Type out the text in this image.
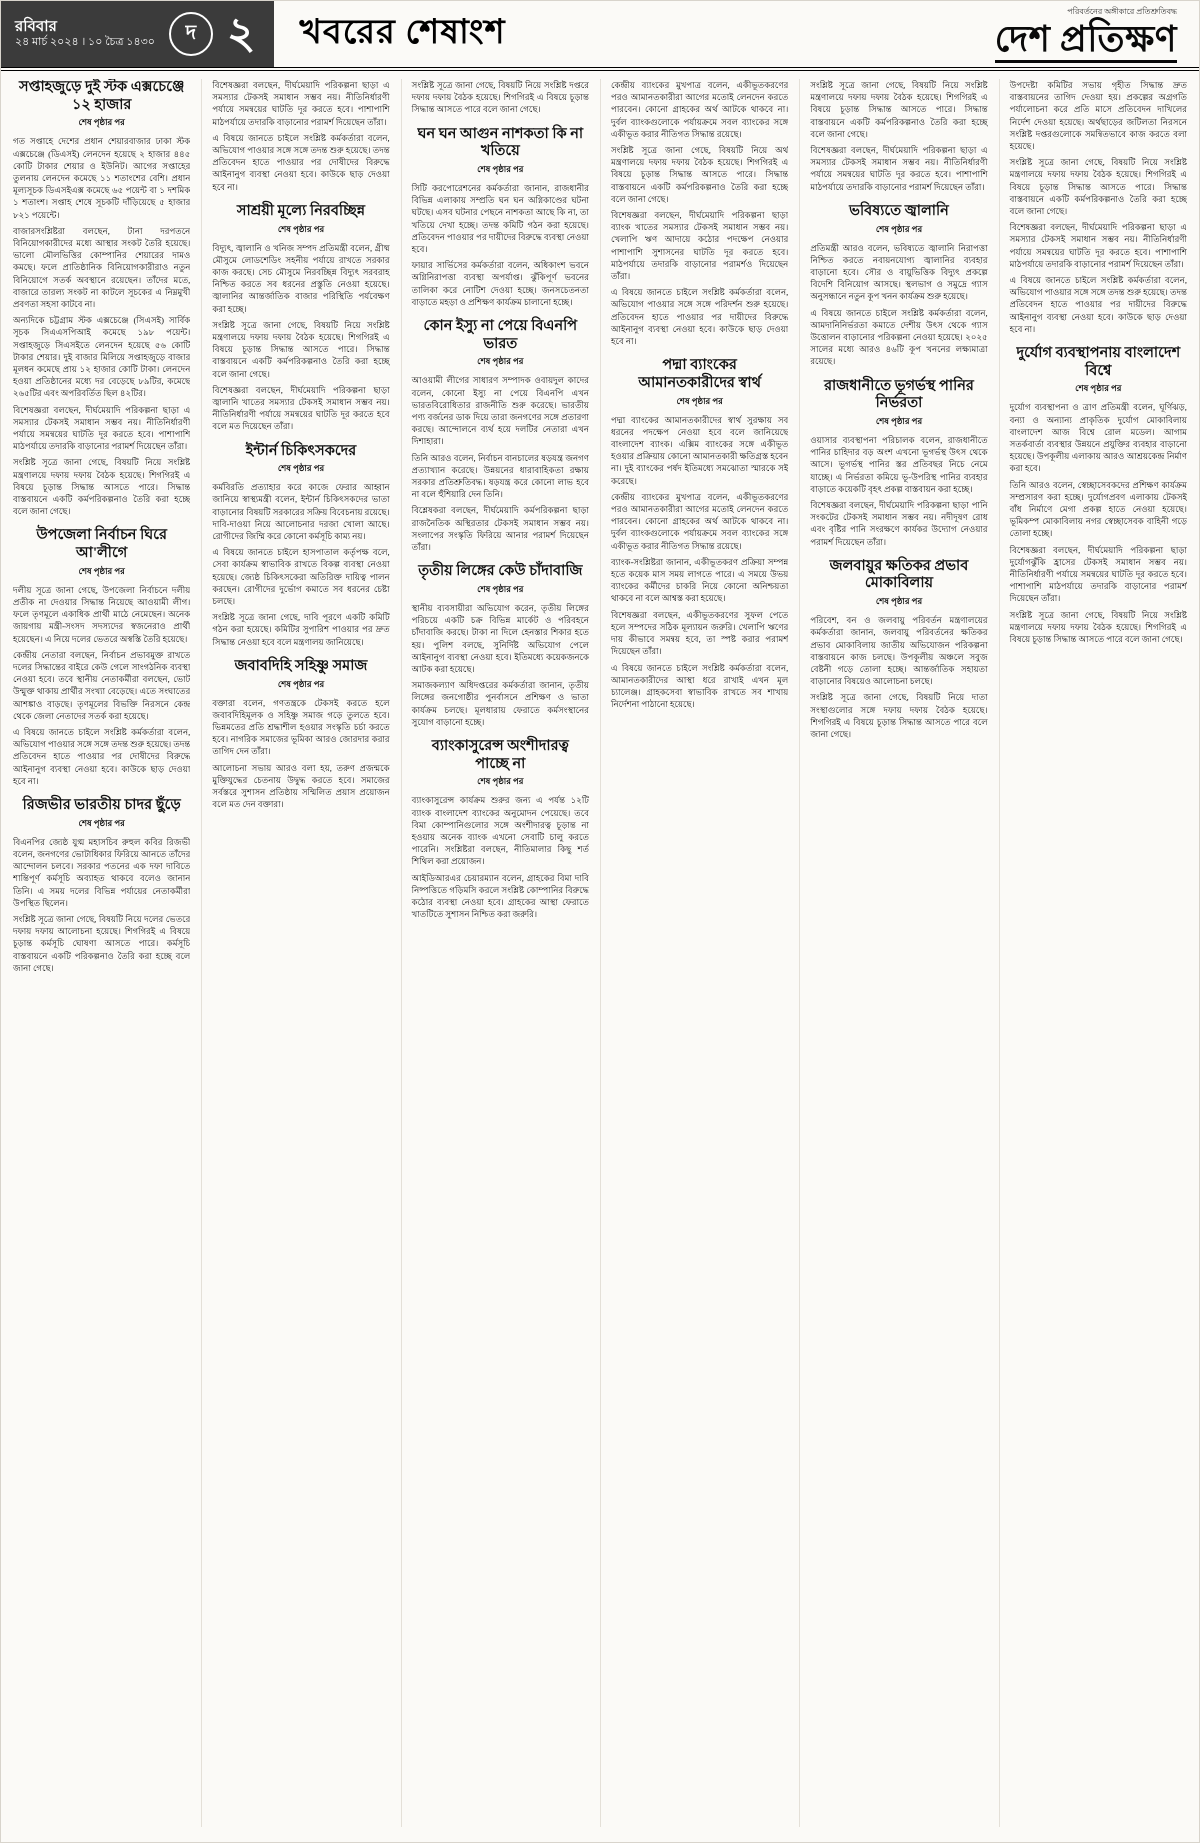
রবিবার
২৪ মার্চ ২০২৪ । ১০ চৈত্র ১৪৩০	দ ২	খবরের শেষাংশ
পরিবর্তনের অঙ্গীকারে প্রতিশ্রুতিবদ্ধ
দেশ প্রতিক্ষণ
সপ্তাহজুড়ে দুই স্টক এক্সচেঞ্জে ১২ হাজার
শেষ পৃষ্ঠার পর

গত সপ্তাহে দেশের প্রধান শেয়ারবাজার ঢাকা স্টক এক্সচেঞ্জে (ডিএসই) লেনদেন হয়েছে ২ হাজার ৪৪৫ কোটি টাকার শেয়ার ও ইউনিট। আগের সপ্তাহের তুলনায় লেনদেন কমেছে ১১ শতাংশের বেশি। প্রধান মূল্যসূচক ডিএসইএক্স কমেছে ৬৫ পয়েন্ট বা ১ দশমিক ১ শতাংশ। সপ্তাহ শেষে সূচকটি দাঁড়িয়েছে ৫ হাজার ৮২১ পয়েন্টে।

বাজারসংশ্লিষ্টরা বলছেন, টানা দরপতনে বিনিয়োগকারীদের মধ্যে আস্থার সংকট তৈরি হয়েছে। ভালো মৌলভিত্তির কোম্পানির শেয়ারের দামও কমছে। ফলে প্রাতিষ্ঠানিক বিনিয়োগকারীরাও নতুন বিনিয়োগে সতর্ক অবস্থানে রয়েছেন। তাঁদের মতে, বাজারে তারল্য সংকট না কাটলে সূচকের এ নিম্নমুখী প্রবণতা সহসা কাটবে না।

অন্যদিকে চট্টগ্রাম স্টক এক্সচেঞ্জে (সিএসই) সার্বিক সূচক সিএএসপিআই কমেছে ১৯৮ পয়েন্ট। সপ্তাহজুড়ে সিএসইতে লেনদেন হয়েছে ৫৬ কোটি টাকার শেয়ার। দুই বাজার মিলিয়ে সপ্তাহজুড়ে বাজার মূলধন কমেছে প্রায় ১২ হাজার কোটি টাকা। লেনদেন হওয়া প্রতিষ্ঠানের মধ্যে দর বেড়েছে ৮৯টির, কমেছে ২৬৫টির এবং অপরিবর্তিত ছিল ৪২টির।

বিশেষজ্ঞরা বলছেন, দীর্ঘমেয়াদি পরিকল্পনা ছাড়া এ সমস্যার টেকসই সমাধান সম্ভব নয়। নীতিনির্ধারণী পর্যায়ে সমন্বয়ের ঘাটতি দূর করতে হবে। পাশাপাশি মাঠপর্যায়ে তদারকি বাড়ানোর পরামর্শ দিয়েছেন তাঁরা।

সংশ্লিষ্ট সূত্রে জানা গেছে, বিষয়টি নিয়ে সংশ্লিষ্ট মন্ত্রণালয়ে দফায় দফায় বৈঠক হয়েছে। শিগগিরই এ বিষয়ে চূড়ান্ত সিদ্ধান্ত আসতে পারে। সিদ্ধান্ত বাস্তবায়নে একটি কর্মপরিকল্পনাও তৈরি করা হচ্ছে বলে জানা গেছে।

উপজেলা নির্বাচন ঘিরে আ'লীগে
শেষ পৃষ্ঠার পর

দলীয় সূত্রে জানা গেছে, উপজেলা নির্বাচনে দলীয় প্রতীক না দেওয়ার সিদ্ধান্ত নিয়েছে আওয়ামী লীগ। ফলে তৃণমূলে একাধিক প্রার্থী মাঠে নেমেছেন। অনেক জায়গায় মন্ত্রী-সংসদ সদস্যদের স্বজনেরাও প্রার্থী হয়েছেন। এ নিয়ে দলের ভেতরে অস্বস্তি তৈরি হয়েছে।

কেন্দ্রীয় নেতারা বলছেন, নির্বাচন প্রভাবমুক্ত রাখতে দলের সিদ্ধান্তের বাইরে কেউ গেলে সাংগঠনিক ব্যবস্থা নেওয়া হবে। তবে স্থানীয় নেতাকর্মীরা বলছেন, ভোট উন্মুক্ত থাকায় প্রার্থীর সংখ্যা বেড়েছে। এতে সংঘাতের আশঙ্কাও বাড়ছে। তৃণমূলের বিভক্তি নিরসনে কেন্দ্র থেকে জেলা নেতাদের সতর্ক করা হয়েছে।

এ বিষয়ে জানতে চাইলে সংশ্লিষ্ট কর্মকর্তারা বলেন, অভিযোগ পাওয়ার সঙ্গে সঙ্গে তদন্ত শুরু হয়েছে। তদন্ত প্রতিবেদন হাতে পাওয়ার পর দোষীদের বিরুদ্ধে আইনানুগ ব্যবস্থা নেওয়া হবে। কাউকে ছাড় দেওয়া হবে না।

রিজভীর ভারতীয় চাদর ছুঁড়ে
শেষ পৃষ্ঠার পর

বিএনপির জ্যেষ্ঠ যুগ্ম মহাসচিব রুহুল কবির রিজভী বলেন, জনগণের ভোটাধিকার ফিরিয়ে আনতে তাঁদের আন্দোলন চলবে। সরকার পতনের এক দফা দাবিতে শান্তিপূর্ণ কর্মসূচি অব্যাহত থাকবে বলেও জানান তিনি। এ সময় দলের বিভিন্ন পর্যায়ের নেতাকর্মীরা উপস্থিত ছিলেন।

সংশ্লিষ্ট সূত্রে জানা গেছে, বিষয়টি নিয়ে দলের ভেতরে দফায় দফায় আলোচনা হয়েছে। শিগগিরই এ বিষয়ে চূড়ান্ত কর্মসূচি ঘোষণা আসতে পারে। কর্মসূচি বাস্তবায়নে একটি পরিকল্পনাও তৈরি করা হচ্ছে বলে জানা গেছে।

বিশেষজ্ঞরা বলছেন, দীর্ঘমেয়াদি পরিকল্পনা ছাড়া এ সমস্যার টেকসই সমাধান সম্ভব নয়। নীতিনির্ধারণী পর্যায়ে সমন্বয়ের ঘাটতি দূর করতে হবে। পাশাপাশি মাঠপর্যায়ে তদারকি বাড়ানোর পরামর্শ দিয়েছেন তাঁরা।

এ বিষয়ে জানতে চাইলে সংশ্লিষ্ট কর্মকর্তারা বলেন, অভিযোগ পাওয়ার সঙ্গে সঙ্গে তদন্ত শুরু হয়েছে। তদন্ত প্রতিবেদন হাতে পাওয়ার পর দোষীদের বিরুদ্ধে আইনানুগ ব্যবস্থা নেওয়া হবে। কাউকে ছাড় দেওয়া হবে না।

সাশ্রয়ী মূল্যে নিরবচ্ছিন্ন
শেষ পৃষ্ঠার পর

বিদ্যুৎ, জ্বালানি ও খনিজ সম্পদ প্রতিমন্ত্রী বলেন, গ্রীষ্ম মৌসুমে লোডশেডিং সহনীয় পর্যায়ে রাখতে সরকার কাজ করছে। সেচ মৌসুমে নিরবচ্ছিন্ন বিদ্যুৎ সরবরাহ নিশ্চিত করতে সব ধরনের প্রস্তুতি নেওয়া হয়েছে। জ্বালানির আন্তর্জাতিক বাজার পরিস্থিতি পর্যবেক্ষণ করা হচ্ছে।

সংশ্লিষ্ট সূত্রে জানা গেছে, বিষয়টি নিয়ে সংশ্লিষ্ট মন্ত্রণালয়ে দফায় দফায় বৈঠক হয়েছে। শিগগিরই এ বিষয়ে চূড়ান্ত সিদ্ধান্ত আসতে পারে। সিদ্ধান্ত বাস্তবায়নে একটি কর্মপরিকল্পনাও তৈরি করা হচ্ছে বলে জানা গেছে।

বিশেষজ্ঞরা বলছেন, দীর্ঘমেয়াদি পরিকল্পনা ছাড়া জ্বালানি খাতের সমস্যার টেকসই সমাধান সম্ভব নয়। নীতিনির্ধারণী পর্যায়ে সমন্বয়ের ঘাটতি দূর করতে হবে বলে মত দিয়েছেন তাঁরা।

ইন্টার্ন চিকিৎসকদের
শেষ পৃষ্ঠার পর

কর্মবিরতি প্রত্যাহার করে কাজে ফেরার আহ্বান জানিয়ে স্বাস্থ্যমন্ত্রী বলেন, ইন্টার্ন চিকিৎসকদের ভাতা বাড়ানোর বিষয়টি সরকারের সক্রিয় বিবেচনায় রয়েছে। দাবি-দাওয়া নিয়ে আলোচনার দরজা খোলা আছে। রোগীদের জিম্মি করে কোনো কর্মসূচি কাম্য নয়।

এ বিষয়ে জানতে চাইলে হাসপাতাল কর্তৃপক্ষ বলে, সেবা কার্যক্রম স্বাভাবিক রাখতে বিকল্প ব্যবস্থা নেওয়া হয়েছে। জ্যেষ্ঠ চিকিৎসকেরা অতিরিক্ত দায়িত্ব পালন করছেন। রোগীদের দুর্ভোগ কমাতে সব ধরনের চেষ্টা চলছে।

সংশ্লিষ্ট সূত্রে জানা গেছে, দাবি পূরণে একটি কমিটি গঠন করা হয়েছে। কমিটির সুপারিশ পাওয়ার পর দ্রুত সিদ্ধান্ত নেওয়া হবে বলে মন্ত্রণালয় জানিয়েছে।

জবাবদিহি সহিষ্ণু সমাজ
শেষ পৃষ্ঠার পর

বক্তারা বলেন, গণতন্ত্রকে টেকসই করতে হলে জবাবদিহিমূলক ও সহিষ্ণু সমাজ গড়ে তুলতে হবে। ভিন্নমতের প্রতি শ্রদ্ধাশীল হওয়ার সংস্কৃতি চর্চা করতে হবে। নাগরিক সমাজের ভূমিকা আরও জোরদার করার তাগিদ দেন তাঁরা।

আলোচনা সভায় আরও বলা হয়, তরুণ প্রজন্মকে মুক্তিযুদ্ধের চেতনায় উদ্বুদ্ধ করতে হবে। সমাজের সর্বস্তরে সুশাসন প্রতিষ্ঠায় সম্মিলিত প্রয়াস প্রয়োজন বলে মত দেন বক্তারা।

সংশ্লিষ্ট সূত্রে জানা গেছে, বিষয়টি নিয়ে সংশ্লিষ্ট দপ্তরে দফায় দফায় বৈঠক হয়েছে। শিগগিরই এ বিষয়ে চূড়ান্ত সিদ্ধান্ত আসতে পারে বলে জানা গেছে।

ঘন ঘন আগুন নাশকতা কি না খতিয়ে
শেষ পৃষ্ঠার পর

সিটি করপোরেশনের কর্মকর্তারা জানান, রাজধানীর বিভিন্ন এলাকায় সম্প্রতি ঘন ঘন অগ্নিকাণ্ডের ঘটনা ঘটছে। এসব ঘটনার পেছনে নাশকতা আছে কি না, তা খতিয়ে দেখা হচ্ছে। তদন্ত কমিটি গঠন করা হয়েছে। প্রতিবেদন পাওয়ার পর দায়ীদের বিরুদ্ধে ব্যবস্থা নেওয়া হবে।

ফায়ার সার্ভিসের কর্মকর্তারা বলেন, অধিকাংশ ভবনে অগ্নিনিরাপত্তা ব্যবস্থা অপর্যাপ্ত। ঝুঁকিপূর্ণ ভবনের তালিকা করে নোটিশ দেওয়া হচ্ছে। জনসচেতনতা বাড়াতে মহড়া ও প্রশিক্ষণ কার্যক্রম চালানো হচ্ছে।

কোন ইস্যু না পেয়ে বিএনপি ভারত
শেষ পৃষ্ঠার পর

আওয়ামী লীগের সাধারণ সম্পাদক ওবায়দুল কাদের বলেন, কোনো ইস্যু না পেয়ে বিএনপি এখন ভারতবিরোধিতার রাজনীতি শুরু করেছে। ভারতীয় পণ্য বর্জনের ডাক দিয়ে তারা জনগণের সঙ্গে প্রতারণা করছে। আন্দোলনে ব্যর্থ হয়ে দলটির নেতারা এখন দিশাহারা।

তিনি আরও বলেন, নির্বাচন বানচালের ষড়যন্ত্র জনগণ প্রত্যাখ্যান করেছে। উন্নয়নের ধারাবাহিকতা রক্ষায় সরকার প্রতিশ্রুতিবদ্ধ। ষড়যন্ত্র করে কোনো লাভ হবে না বলে হুঁশিয়ারি দেন তিনি।

বিশ্লেষকরা বলছেন, দীর্ঘমেয়াদি কর্মপরিকল্পনা ছাড়া রাজনৈতিক অস্থিরতার টেকসই সমাধান সম্ভব নয়। সংলাপের সংস্কৃতি ফিরিয়ে আনার পরামর্শ দিয়েছেন তাঁরা।

তৃতীয় লিঙ্গের কেউ চাঁদাবাজি
শেষ পৃষ্ঠার পর

স্থানীয় ব্যবসায়ীরা অভিযোগ করেন, তৃতীয় লিঙ্গের পরিচয়ে একটি চক্র বিভিন্ন মার্কেট ও পরিবহনে চাঁদাবাজি করছে। টাকা না দিলে হেনস্তার শিকার হতে হয়। পুলিশ বলছে, সুনির্দিষ্ট অভিযোগ পেলে আইনানুগ ব্যবস্থা নেওয়া হবে। ইতিমধ্যে কয়েকজনকে আটক করা হয়েছে।

সমাজকল্যাণ অধিদপ্তরের কর্মকর্তারা জানান, তৃতীয় লিঙ্গের জনগোষ্ঠীর পুনর্বাসনে প্রশিক্ষণ ও ভাতা কার্যক্রম চলছে। মূলধারায় ফেরাতে কর্মসংস্থানের সুযোগ বাড়ানো হচ্ছে।

ব্যাংকাসুরেন্স অংশীদারত্ব পাচ্ছে না
শেষ পৃষ্ঠার পর

ব্যাংকাসুরেন্স কার্যক্রম শুরুর জন্য এ পর্যন্ত ১২টি ব্যাংক বাংলাদেশ ব্যাংকের অনুমোদন পেয়েছে। তবে বিমা কোম্পানিগুলোর সঙ্গে অংশীদারত্ব চূড়ান্ত না হওয়ায় অনেক ব্যাংক এখনো সেবাটি চালু করতে পারেনি। সংশ্লিষ্টরা বলছেন, নীতিমালার কিছু শর্ত শিথিল করা প্রয়োজন।

আইডিআরএর চেয়ারম্যান বলেন, গ্রাহকের বিমা দাবি নিষ্পত্তিতে গড়িমসি করলে সংশ্লিষ্ট কোম্পানির বিরুদ্ধে কঠোর ব্যবস্থা নেওয়া হবে। গ্রাহকের আস্থা ফেরাতে খাতটিতে সুশাসন নিশ্চিত করা জরুরি।

কেন্দ্রীয় ব্যাংকের মুখপাত্র বলেন, একীভূতকরণের পরও আমানতকারীরা আগের মতোই লেনদেন করতে পারবেন। কোনো গ্রাহকের অর্থ আটকে থাকবে না। দুর্বল ব্যাংকগুলোকে পর্যায়ক্রমে সবল ব্যাংকের সঙ্গে একীভূত করার নীতিগত সিদ্ধান্ত রয়েছে।

সংশ্লিষ্ট সূত্রে জানা গেছে, বিষয়টি নিয়ে অর্থ মন্ত্রণালয়ে দফায় দফায় বৈঠক হয়েছে। শিগগিরই এ বিষয়ে চূড়ান্ত সিদ্ধান্ত আসতে পারে। সিদ্ধান্ত বাস্তবায়নে একটি কর্মপরিকল্পনাও তৈরি করা হচ্ছে বলে জানা গেছে।

বিশেষজ্ঞরা বলছেন, দীর্ঘমেয়াদি পরিকল্পনা ছাড়া ব্যাংক খাতের সমস্যার টেকসই সমাধান সম্ভব নয়। খেলাপি ঋণ আদায়ে কঠোর পদক্ষেপ নেওয়ার পাশাপাশি সুশাসনের ঘাটতি দূর করতে হবে। মাঠপর্যায়ে তদারকি বাড়ানোর পরামর্শও দিয়েছেন তাঁরা।

এ বিষয়ে জানতে চাইলে সংশ্লিষ্ট কর্মকর্তারা বলেন, অভিযোগ পাওয়ার সঙ্গে সঙ্গে পরিদর্শন শুরু হয়েছে। প্রতিবেদন হাতে পাওয়ার পর দায়ীদের বিরুদ্ধে আইনানুগ ব্যবস্থা নেওয়া হবে। কাউকে ছাড় দেওয়া হবে না।

পদ্মা ব্যাংকের আমানতকারীদের স্বার্থ
শেষ পৃষ্ঠার পর

পদ্মা ব্যাংকের আমানতকারীদের স্বার্থ সুরক্ষায় সব ধরনের পদক্ষেপ নেওয়া হবে বলে জানিয়েছে বাংলাদেশ ব্যাংক। এক্সিম ব্যাংকের সঙ্গে একীভূত হওয়ার প্রক্রিয়ায় কোনো আমানতকারী ক্ষতিগ্রস্ত হবেন না। দুই ব্যাংকের পর্ষদ ইতিমধ্যে সমঝোতা স্মারকে সই করেছে।

কেন্দ্রীয় ব্যাংকের মুখপাত্র বলেন, একীভূতকরণের পরও আমানতকারীরা আগের মতোই লেনদেন করতে পারবেন। কোনো গ্রাহকের অর্থ আটকে থাকবে না। দুর্বল ব্যাংকগুলোকে পর্যায়ক্রমে সবল ব্যাংকের সঙ্গে একীভূত করার নীতিগত সিদ্ধান্ত রয়েছে।

ব্যাংক-সংশ্লিষ্টরা জানান, একীভূতকরণ প্রক্রিয়া সম্পন্ন হতে কয়েক মাস সময় লাগতে পারে। এ সময়ে উভয় ব্যাংকের কর্মীদের চাকরি নিয়ে কোনো অনিশ্চয়তা থাকবে না বলে আশ্বস্ত করা হয়েছে।

বিশেষজ্ঞরা বলছেন, একীভূতকরণের সুফল পেতে হলে সম্পদের সঠিক মূল্যায়ন জরুরি। খেলাপি ঋণের দায় কীভাবে সমন্বয় হবে, তা স্পষ্ট করার পরামর্শ দিয়েছেন তাঁরা।

এ বিষয়ে জানতে চাইলে সংশ্লিষ্ট কর্মকর্তারা বলেন, আমানতকারীদের আস্থা ধরে রাখাই এখন মূল চ্যালেঞ্জ। গ্রাহকসেবা স্বাভাবিক রাখতে সব শাখায় নির্দেশনা পাঠানো হয়েছে।

সংশ্লিষ্ট সূত্রে জানা গেছে, বিষয়টি নিয়ে সংশ্লিষ্ট মন্ত্রণালয়ে দফায় দফায় বৈঠক হয়েছে। শিগগিরই এ বিষয়ে চূড়ান্ত সিদ্ধান্ত আসতে পারে। সিদ্ধান্ত বাস্তবায়নে একটি কর্মপরিকল্পনাও তৈরি করা হচ্ছে বলে জানা গেছে।

বিশেষজ্ঞরা বলছেন, দীর্ঘমেয়াদি পরিকল্পনা ছাড়া এ সমস্যার টেকসই সমাধান সম্ভব নয়। নীতিনির্ধারণী পর্যায়ে সমন্বয়ের ঘাটতি দূর করতে হবে। পাশাপাশি মাঠপর্যায়ে তদারকি বাড়ানোর পরামর্শ দিয়েছেন তাঁরা।

ভবিষ্যতে জ্বালানি
শেষ পৃষ্ঠার পর

প্রতিমন্ত্রী আরও বলেন, ভবিষ্যতে জ্বালানি নিরাপত্তা নিশ্চিত করতে নবায়নযোগ্য জ্বালানির ব্যবহার বাড়ানো হবে। সৌর ও বায়ুভিত্তিক বিদ্যুৎ প্রকল্পে বিদেশি বিনিয়োগ আসছে। স্থলভাগ ও সমুদ্রে গ্যাস অনুসন্ধানে নতুন কূপ খনন কার্যক্রম শুরু হয়েছে।

এ বিষয়ে জানতে চাইলে সংশ্লিষ্ট কর্মকর্তারা বলেন, আমদানিনির্ভরতা কমাতে দেশীয় উৎস থেকে গ্যাস উত্তোলন বাড়ানোর পরিকল্পনা নেওয়া হয়েছে। ২০২৫ সালের মধ্যে আরও ৪৬টি কূপ খননের লক্ষ্যমাত্রা রয়েছে।

রাজধানীতে ভূগর্ভস্থ পানির নির্ভরতা
শেষ পৃষ্ঠার পর

ওয়াসার ব্যবস্থাপনা পরিচালক বলেন, রাজধানীতে পানির চাহিদার বড় অংশ এখনো ভূগর্ভস্থ উৎস থেকে আসে। ভূগর্ভস্থ পানির স্তর প্রতিবছর নিচে নেমে যাচ্ছে। এ নির্ভরতা কমিয়ে ভূ-উপরিস্থ পানির ব্যবহার বাড়াতে কয়েকটি বৃহৎ প্রকল্প বাস্তবায়ন করা হচ্ছে।

বিশেষজ্ঞরা বলছেন, দীর্ঘমেয়াদি পরিকল্পনা ছাড়া পানি সংকটের টেকসই সমাধান সম্ভব নয়। নদীদূষণ রোধ এবং বৃষ্টির পানি সংরক্ষণে কার্যকর উদ্যোগ নেওয়ার পরামর্শ দিয়েছেন তাঁরা।

জলবায়ুর ক্ষতিকর প্রভাব মোকাবিলায়
শেষ পৃষ্ঠার পর

পরিবেশ, বন ও জলবায়ু পরিবর্তন মন্ত্রণালয়ের কর্মকর্তারা জানান, জলবায়ু পরিবর্তনের ক্ষতিকর প্রভাব মোকাবিলায় জাতীয় অভিযোজন পরিকল্পনা বাস্তবায়নে কাজ চলছে। উপকূলীয় অঞ্চলে সবুজ বেষ্টনী গড়ে তোলা হচ্ছে। আন্তর্জাতিক সহায়তা বাড়ানোর বিষয়েও আলোচনা চলছে।

সংশ্লিষ্ট সূত্রে জানা গেছে, বিষয়টি নিয়ে দাতা সংস্থাগুলোর সঙ্গে দফায় দফায় বৈঠক হয়েছে। শিগগিরই এ বিষয়ে চূড়ান্ত সিদ্ধান্ত আসতে পারে বলে জানা গেছে।

উপদেষ্টা কমিটির সভায় গৃহীত সিদ্ধান্ত দ্রুত বাস্তবায়নের তাগিদ দেওয়া হয়। প্রকল্পের অগ্রগতি পর্যালোচনা করে প্রতি মাসে প্রতিবেদন দাখিলের নির্দেশ দেওয়া হয়েছে। অর্থছাড়ের জটিলতা নিরসনে সংশ্লিষ্ট দপ্তরগুলোকে সমন্বিতভাবে কাজ করতে বলা হয়েছে।

সংশ্লিষ্ট সূত্রে জানা গেছে, বিষয়টি নিয়ে সংশ্লিষ্ট মন্ত্রণালয়ে দফায় দফায় বৈঠক হয়েছে। শিগগিরই এ বিষয়ে চূড়ান্ত সিদ্ধান্ত আসতে পারে। সিদ্ধান্ত বাস্তবায়নে একটি কর্মপরিকল্পনাও তৈরি করা হচ্ছে বলে জানা গেছে।

বিশেষজ্ঞরা বলছেন, দীর্ঘমেয়াদি পরিকল্পনা ছাড়া এ সমস্যার টেকসই সমাধান সম্ভব নয়। নীতিনির্ধারণী পর্যায়ে সমন্বয়ের ঘাটতি দূর করতে হবে। পাশাপাশি মাঠপর্যায়ে তদারকি বাড়ানোর পরামর্শ দিয়েছেন তাঁরা।

এ বিষয়ে জানতে চাইলে সংশ্লিষ্ট কর্মকর্তারা বলেন, অভিযোগ পাওয়ার সঙ্গে সঙ্গে তদন্ত শুরু হয়েছে। তদন্ত প্রতিবেদন হাতে পাওয়ার পর দায়ীদের বিরুদ্ধে আইনানুগ ব্যবস্থা নেওয়া হবে। কাউকে ছাড় দেওয়া হবে না।

দুর্যোগ ব্যবস্থাপনায় বাংলাদেশ বিশ্বে
শেষ পৃষ্ঠার পর

দুর্যোগ ব্যবস্থাপনা ও ত্রাণ প্রতিমন্ত্রী বলেন, ঘূর্ণিঝড়, বন্যা ও অন্যান্য প্রাকৃতিক দুর্যোগ মোকাবিলায় বাংলাদেশ আজ বিশ্বে রোল মডেল। আগাম সতর্কবার্তা ব্যবস্থার উন্নয়নে প্রযুক্তির ব্যবহার বাড়ানো হয়েছে। উপকূলীয় এলাকায় আরও আশ্রয়কেন্দ্র নির্মাণ করা হবে।

তিনি আরও বলেন, স্বেচ্ছাসেবকদের প্রশিক্ষণ কার্যক্রম সম্প্রসারণ করা হচ্ছে। দুর্যোগপ্রবণ এলাকায় টেকসই বাঁধ নির্মাণে মেগা প্রকল্প হাতে নেওয়া হয়েছে। ভূমিকম্প মোকাবিলায় নগর স্বেচ্ছাসেবক বাহিনী গড়ে তোলা হচ্ছে।

বিশেষজ্ঞরা বলছেন, দীর্ঘমেয়াদি পরিকল্পনা ছাড়া দুর্যোগঝুঁকি হ্রাসের টেকসই সমাধান সম্ভব নয়। নীতিনির্ধারণী পর্যায়ে সমন্বয়ের ঘাটতি দূর করতে হবে। পাশাপাশি মাঠপর্যায়ে তদারকি বাড়ানোর পরামর্শ দিয়েছেন তাঁরা।

সংশ্লিষ্ট সূত্রে জানা গেছে, বিষয়টি নিয়ে সংশ্লিষ্ট মন্ত্রণালয়ে দফায় দফায় বৈঠক হয়েছে। শিগগিরই এ বিষয়ে চূড়ান্ত সিদ্ধান্ত আসতে পারে বলে জানা গেছে।
